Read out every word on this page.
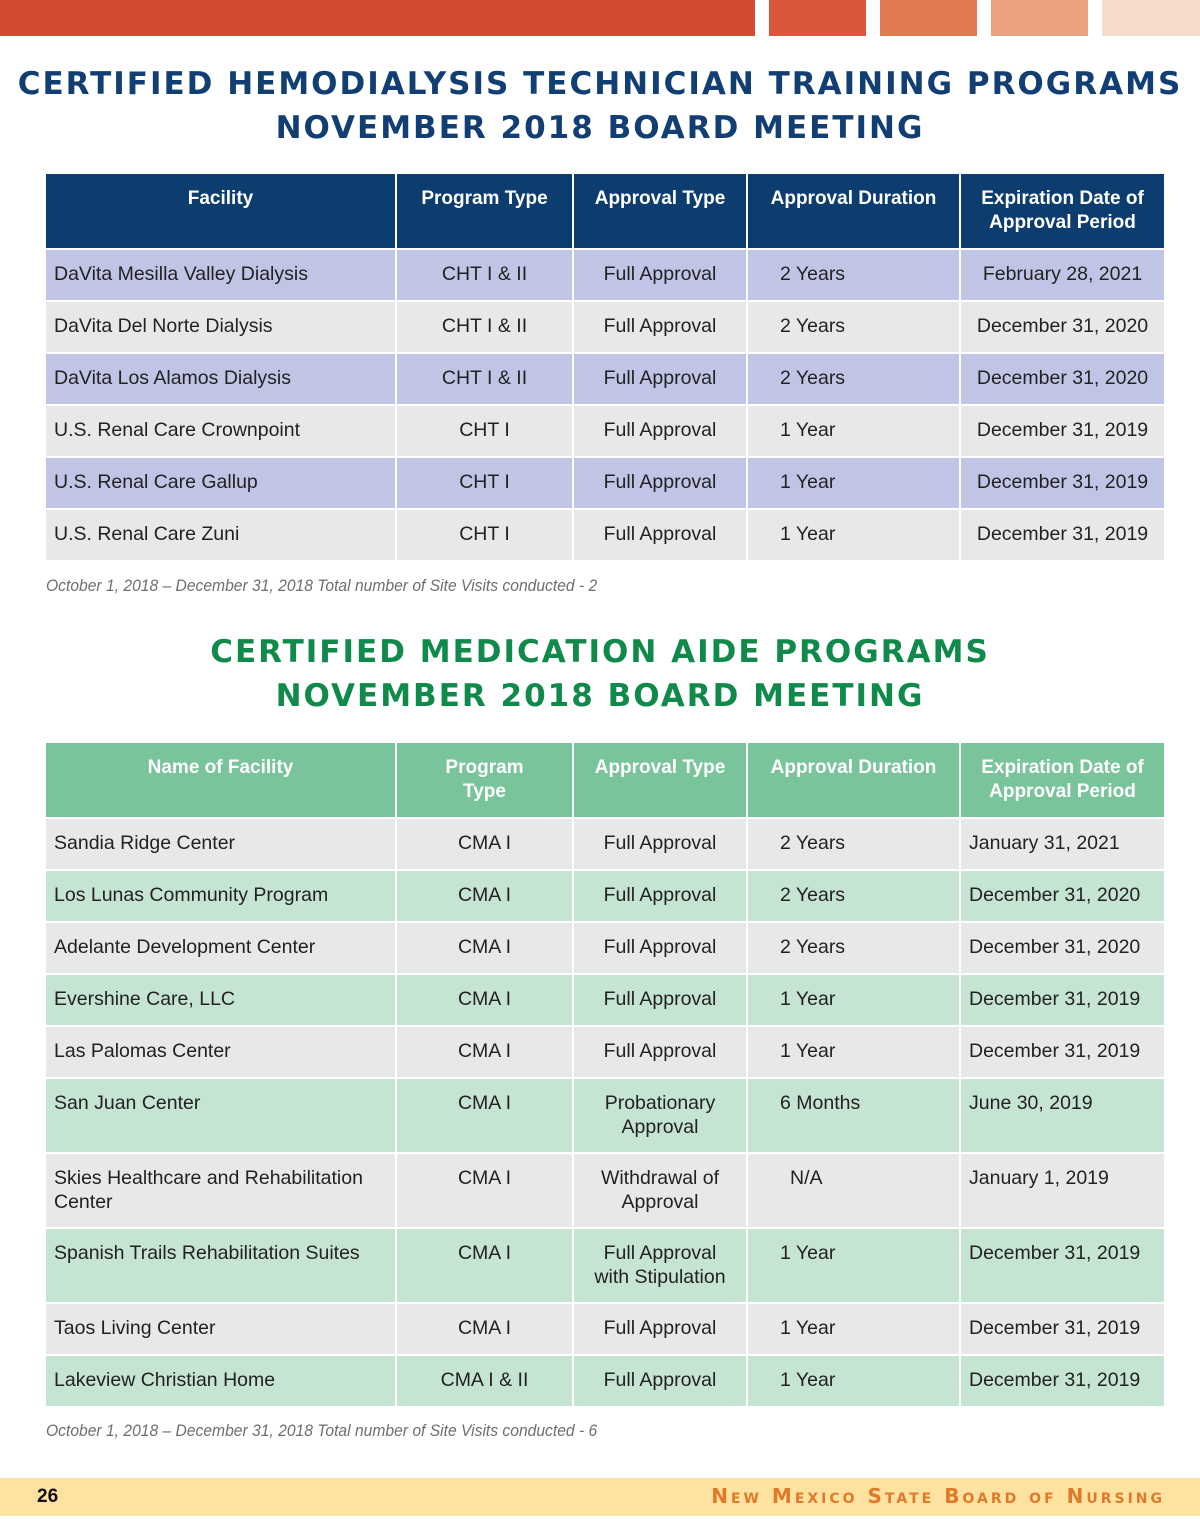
CERTIFIED HEMODIALYSIS TECHNICIAN TRAINING PROGRAMS
NOVEMBER 2018 BOARD MEETING
Facility	Program Type	Approval Type	Approval Duration	Expiration Date of Approval Period
DaVita Mesilla Valley Dialysis	CHT I & II	Full Approval	2 Years	February 28, 2021
DaVita Del Norte Dialysis	CHT I & II	Full Approval	2 Years	December 31, 2020
DaVita Los Alamos Dialysis	CHT I & II	Full Approval	2 Years	December 31, 2020
U.S. Renal Care Crownpoint	CHT I	Full Approval	1 Year	December 31, 2019
U.S. Renal Care Gallup	CHT I	Full Approval	1 Year	December 31, 2019
U.S. Renal Care Zuni	CHT I	Full Approval	1 Year	December 31, 2019
October 1, 2018 – December 31, 2018 Total number of Site Visits conducted - 2
CERTIFIED MEDICATION AIDE PROGRAMS
NOVEMBER 2018 BOARD MEETING
Name of Facility	Program Type	Approval Type	Approval Duration	Expiration Date of Approval Period
Sandia Ridge Center	CMA I	Full Approval	2 Years	January 31, 2021
Los Lunas Community Program	CMA I	Full Approval	2 Years	December 31, 2020
Adelante Development Center	CMA I	Full Approval	2 Years	December 31, 2020
Evershine Care, LLC	CMA I	Full Approval	1 Year	December 31, 2019
Las Palomas Center	CMA I	Full Approval	1 Year	December 31, 2019
San Juan Center	CMA I	Probationary Approval	6 Months	June 30, 2019
Skies Healthcare and Rehabilitation Center	CMA I	Withdrawal of Approval	N/A	January 1, 2019
Spanish Trails Rehabilitation Suites	CMA I	Full Approval with Stipulation	1 Year	December 31, 2019
Taos Living Center	CMA I	Full Approval	1 Year	December 31, 2019
Lakeview Christian Home	CMA I & II	Full Approval	1 Year	December 31, 2019
October 1, 2018 – December 31, 2018 Total number of Site Visits conducted - 6
26	New Mexico State Board of Nursing
